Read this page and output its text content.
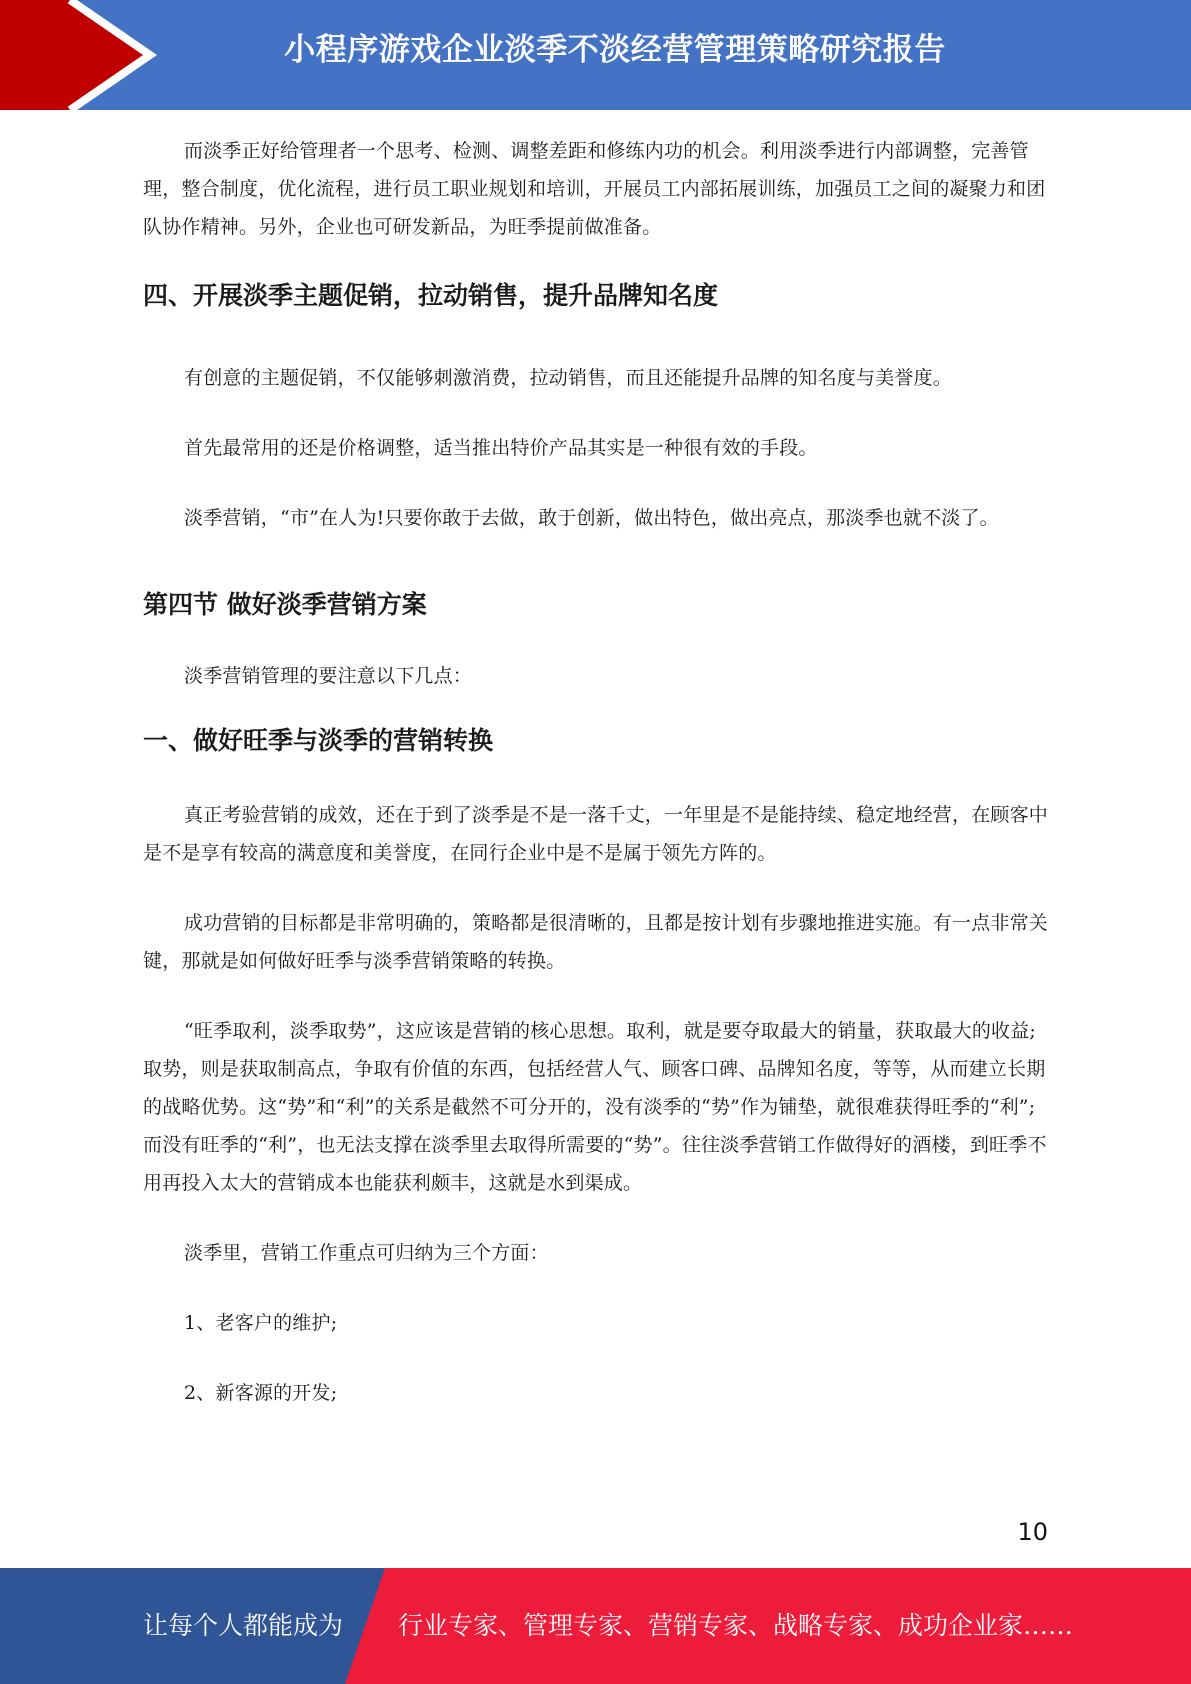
小程序游戏企业淡季不淡经营管理策略研究报告

而淡季正好给管理者一个思考、检测、调整差距和修练内功的机会。利用淡季进行内部调整，完善管理，整合制度，优化流程，进行员工职业规划和培训，开展员工内部拓展训练，加强员工之间的凝聚力和团队协作精神。另外，企业也可研发新品，为旺季提前做准备。

四、开展淡季主题促销，拉动销售，提升品牌知名度

有创意的主题促销，不仅能够刺激消费，拉动销售，而且还能提升品牌的知名度与美誉度。

首先最常用的还是价格调整，适当推出特价产品其实是一种很有效的手段。

淡季营销，“市”在人为!只要你敢于去做，敢于创新，做出特色，做出亮点，那淡季也就不淡了。

第四节 做好淡季营销方案

淡季营销管理的要注意以下几点：

一、做好旺季与淡季的营销转换

真正考验营销的成效，还在于到了淡季是不是一落千丈，一年里是不是能持续、稳定地经营，在顾客中是不是享有较高的满意度和美誉度，在同行企业中是不是属于领先方阵的。

成功营销的目标都是非常明确的，策略都是很清晰的，且都是按计划有步骤地推进实施。有一点非常关键，那就是如何做好旺季与淡季营销策略的转换。

“旺季取利，淡季取势”，这应该是营销的核心思想。取利，就是要夺取最大的销量，获取最大的收益;取势，则是获取制高点，争取有价值的东西，包括经营人气、顾客口碑、品牌知名度，等等，从而建立长期的战略优势。这“势”和“利”的关系是截然不可分开的，没有淡季的“势”作为铺垫，就很难获得旺季的“利”;而没有旺季的“利”，也无法支撑在淡季里去取得所需要的“势”。往往淡季营销工作做得好的酒楼，到旺季不用再投入太大的营销成本也能获利颇丰，这就是水到渠成。

淡季里，营销工作重点可归纳为三个方面：

1、老客户的维护;

2、新客源的开发;

10
让每个人都能成为 行业专家、管理专家、营销专家、战略专家、成功企业家……
